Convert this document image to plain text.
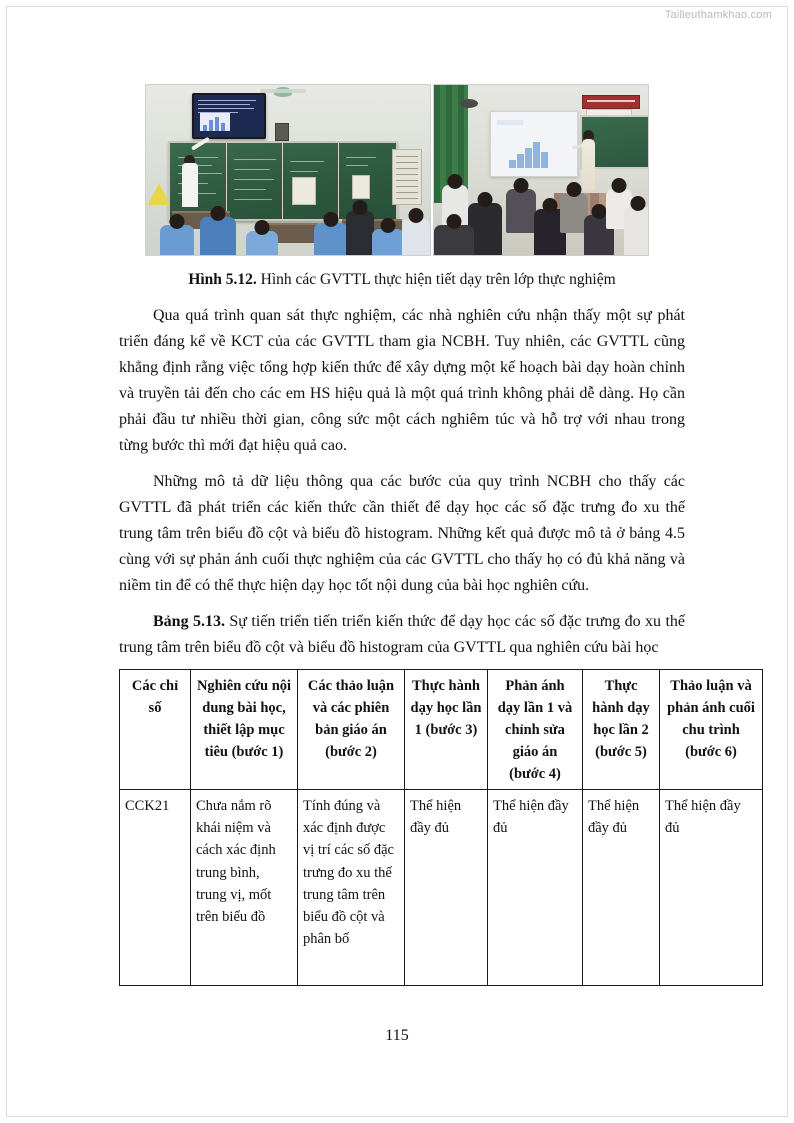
Tailieuthamkhao.com
Hình 5.12. Hình các GVTTL thực hiện tiết dạy trên lớp thực nghiệm

Qua quá trình quan sát thực nghiệm, các nhà nghiên cứu nhận thấy một sự phát triển đáng kể về KCT của các GVTTL tham gia NCBH. Tuy nhiên, các GVTTL cũng khẳng định rằng việc tổng hợp kiến thức để xây dựng một kế hoạch bài dạy hoàn chỉnh và truyền tải đến cho các em HS hiệu quả là một quá trình không phải dễ dàng. Họ cần phải đầu tư nhiều thời gian, công sức một cách nghiêm túc và hỗ trợ với nhau trong từng bước thì mới đạt hiệu quả cao.

Những mô tả dữ liệu thông qua các bước của quy trình NCBH cho thấy các GVTTL đã phát triển các kiến thức cần thiết để dạy học các số đặc trưng đo xu thế trung tâm trên biểu đồ cột và biểu đồ histogram. Những kết quả được mô tả ở bảng 4.5 cùng với sự phản ánh cuối thực nghiệm của các GVTTL cho thấy họ có đủ khả năng và niềm tin để có thể thực hiện dạy học tốt nội dung của bài học nghiên cứu.

Bảng 5.13. Sự tiến triển tiến triển kiến thức để dạy học các số đặc trưng đo xu thế trung tâm trên biểu đồ cột và biểu đồ histogram của GVTTL qua nghiên cứu bài học
Các chỉ số	Nghiên cứu nội dung bài học, thiết lập mục tiêu (bước 1)	Các thảo luận và các phiên bản giáo án (bước 2)	Thực hành dạy học lần 1 (bước 3)	Phản ánh dạy lần 1 và chỉnh sửa giáo án (bước 4)	Thực hành dạy học lần 2 (bước 5)	Thảo luận và phản ánh cuối chu trình (bước 6)
CCK21	Chưa nắm rõ khái niệm và cách xác định trung bình, trung vị, mốt trên biểu đồ	Tính đúng và xác định được vị trí các số đặc trưng đo xu thế trung tâm trên biểu đồ cột và phân bố	Thể hiện đầy đủ	Thể hiện đầy đủ	Thể hiện đầy đủ	Thể hiện đầy đủ
115
